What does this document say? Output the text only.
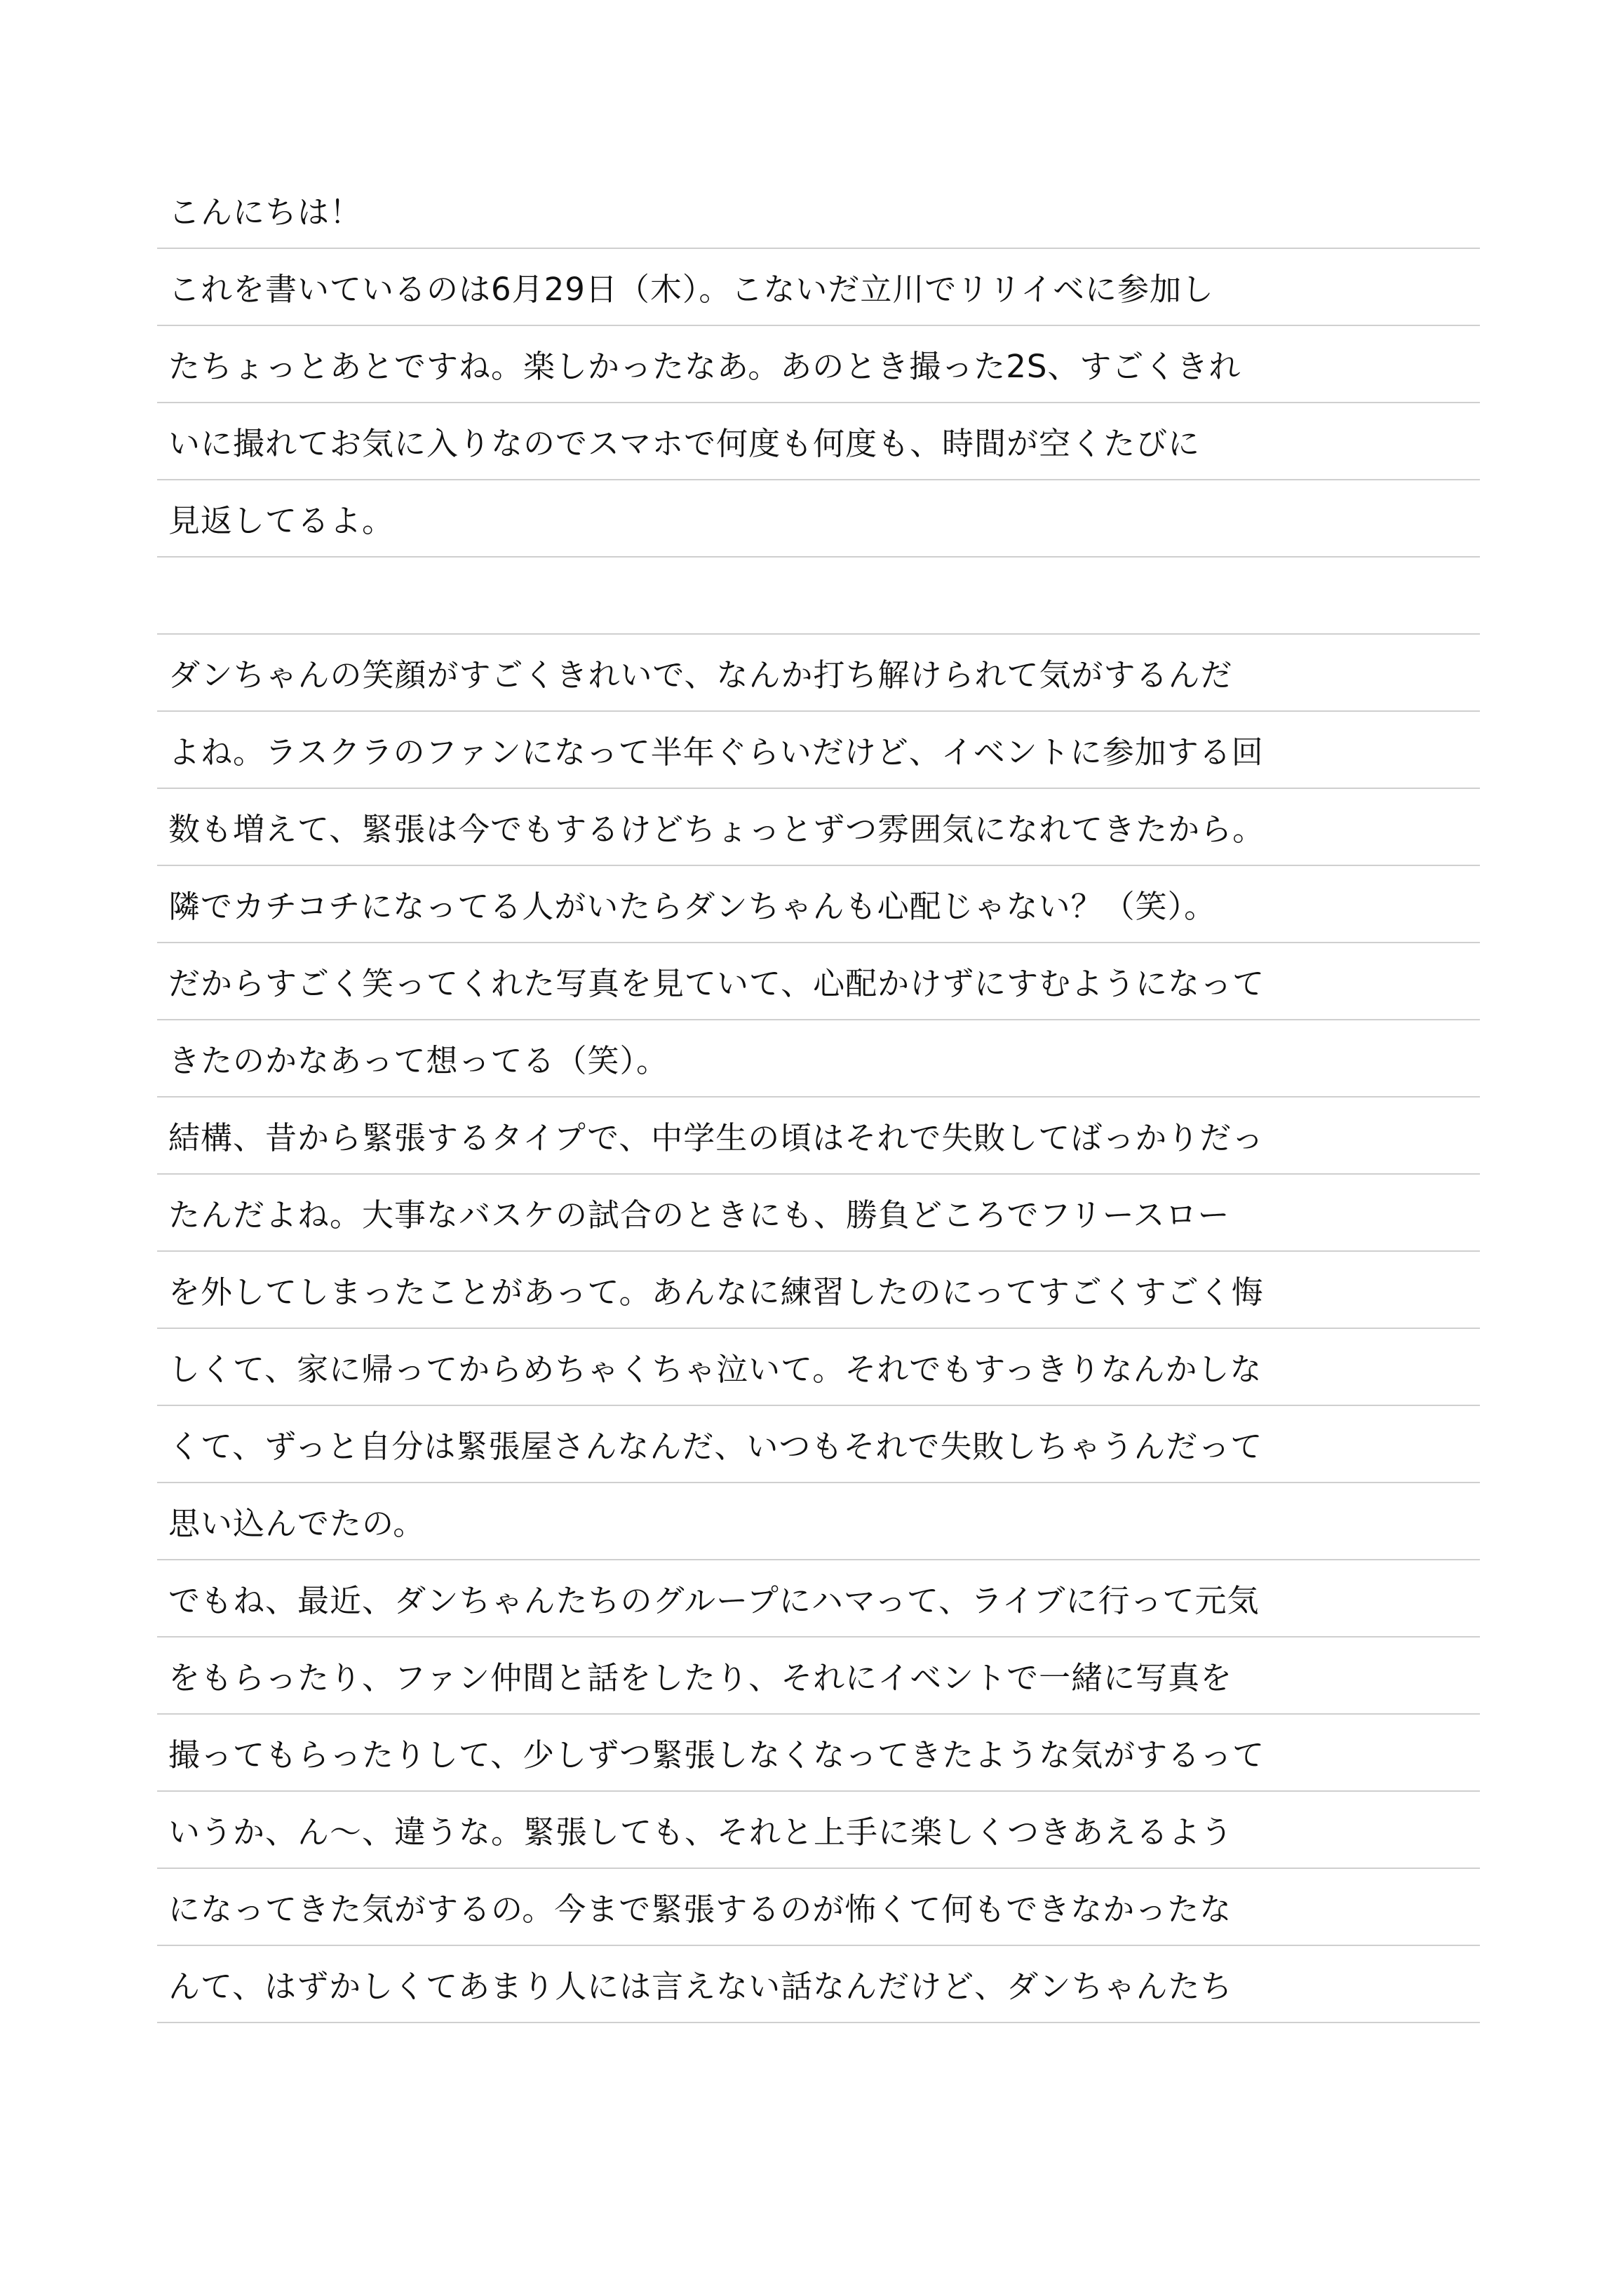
こんにちは！
これを書いているのは6月29日（木）。こないだ立川でリリイベに参加し
たちょっとあとですね。楽しかったなあ。あのとき撮った2S、すごくきれ
いに撮れてお気に入りなのでスマホで何度も何度も、時間が空くたびに
見返してるよ。
ダンちゃんの笑顔がすごくきれいで、なんか打ち解けられて気がするんだ
よね。ラスクラのファンになって半年ぐらいだけど、イベントに参加する回
数も増えて、緊張は今でもするけどちょっとずつ雰囲気になれてきたから。
隣でカチコチになってる人がいたらダンちゃんも心配じゃない？（笑）。
だからすごく笑ってくれた写真を見ていて、心配かけずにすむようになって
きたのかなあって想ってる（笑）。
結構、昔から緊張するタイプで、中学生の頃はそれで失敗してばっかりだっ
たんだよね。大事なバスケの試合のときにも、勝負どころでフリースロー
を外してしまったことがあって。あんなに練習したのにってすごくすごく悔
しくて、家に帰ってからめちゃくちゃ泣いて。それでもすっきりなんかしな
くて、ずっと自分は緊張屋さんなんだ、いつもそれで失敗しちゃうんだって
思い込んでたの。
でもね、最近、ダンちゃんたちのグループにハマって、ライブに行って元気
をもらったり、ファン仲間と話をしたり、それにイベントで一緒に写真を
撮ってもらったりして、少しずつ緊張しなくなってきたような気がするって
いうか、ん〜、違うな。緊張しても、それと上手に楽しくつきあえるよう
になってきた気がするの。今まで緊張するのが怖くて何もできなかったな
んて、はずかしくてあまり人には言えない話なんだけど、ダンちゃんたち
